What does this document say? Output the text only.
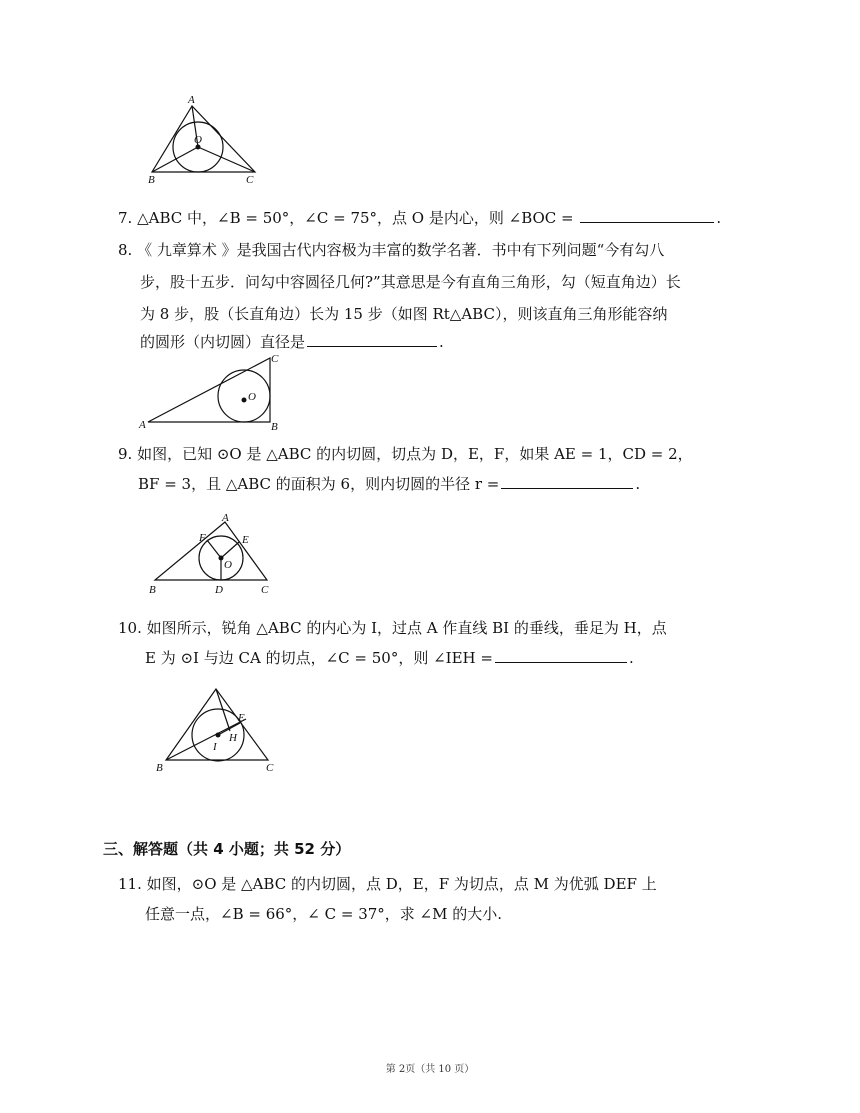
A
O
B	C
7. △ABC 中，∠B = 50°，∠C = 75°，点 O 是内心，则 ∠BOC =	.
8. 《 九章算术 》是我国古代内容极为丰富的数学名著．书中有下列问题“今有勾八
步，股十五步．问勾中容圆径几何?”其意思是今有直角三角形，勾（短直角边）长
为 8 步，股（长直角边）长为 15 步（如图 Rt△ABC），则该直角三角形能容纳
的圆形（内切圆）直径是	.
A	B
C
O
9. 如图，已知 ⊙O 是 △ABC 的内切圆，切点为 D，E，F，如果 AE = 1，CD = 2，
BF = 3，且 △ABC 的面积为 6，则内切圆的半径 r =	.
A
F	E
O
B	D	C
10. 如图所示，锐角 △ABC 的内心为 I，过点 A 作直线 BI 的垂线，垂足为 H，点
E 为 ⊙I 与边 CA 的切点，∠C = 50°，则 ∠IEH =	.
E
H
I
B	C
三、解答题（共 4 小题；共 52 分）
11. 如图，⊙O 是 △ABC 的内切圆，点 D，E，F 为切点，点 M 为优弧 DEF 上
任意一点，∠B = 66°，∠ C = 37°，求 ∠M 的大小.
第 2页（共 10 页）
